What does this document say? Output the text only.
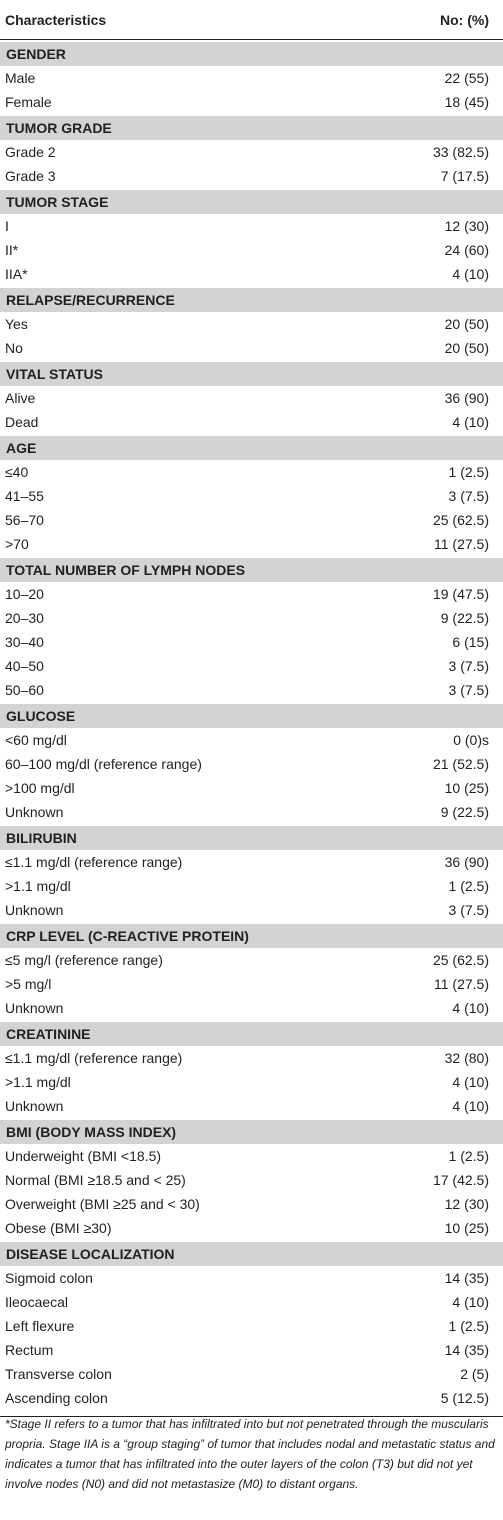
Characteristics	No: (%)
GENDER
Male	22 (55)
Female	18 (45)
TUMOR GRADE
Grade 2	33 (82.5)
Grade 3	7 (17.5)
TUMOR STAGE
I	12 (30)
II*	24 (60)
IIA*	4 (10)
RELAPSE/RECURRENCE
Yes	20 (50)
No	20 (50)
VITAL STATUS
Alive	36 (90)
Dead	4 (10)
AGE
≤40	1 (2.5)
41–55	3 (7.5)
56–70	25 (62.5)
>70	11 (27.5)
TOTAL NUMBER OF LYMPH NODES
10–20	19 (47.5)
20–30	9 (22.5)
30–40	6 (15)
40–50	3 (7.5)
50–60	3 (7.5)
GLUCOSE
<60 mg/dl	0 (0)s
60–100 mg/dl (reference range)	21 (52.5)
>100 mg/dl	10 (25)
Unknown	9 (22.5)
BILIRUBIN
≤1.1 mg/dl (reference range)	36 (90)
>1.1 mg/dl	1 (2.5)
Unknown	3 (7.5)
CRP LEVEL (C-REACTIVE PROTEIN)
≤5 mg/l (reference range)	25 (62.5)
>5 mg/l	11 (27.5)
Unknown	4 (10)
CREATININE
≤1.1 mg/dl (reference range)	32 (80)
>1.1 mg/dl	4 (10)
Unknown	4 (10)
BMI (BODY MASS INDEX)
Underweight (BMI <18.5)	1 (2.5)
Normal (BMI ≥18.5 and < 25)	17 (42.5)
Overweight (BMI ≥25 and < 30)	12 (30)
Obese (BMI ≥30)	10 (25)
DISEASE LOCALIZATION
Sigmoid colon	14 (35)
Ileocaecal	4 (10)
Left flexure	1 (2.5)
Rectum	14 (35)
Transverse colon	2 (5)
Ascending colon	5 (12.5)
*Stage II refers to a tumor that has infiltrated into but not penetrated through the muscularis propria. Stage IIA is a “group staging” of tumor that includes nodal and metastatic status and indicates a tumor that has infiltrated into the outer layers of the colon (T3) but did not yet involve nodes (N0) and did not metastasize (M0) to distant organs.
